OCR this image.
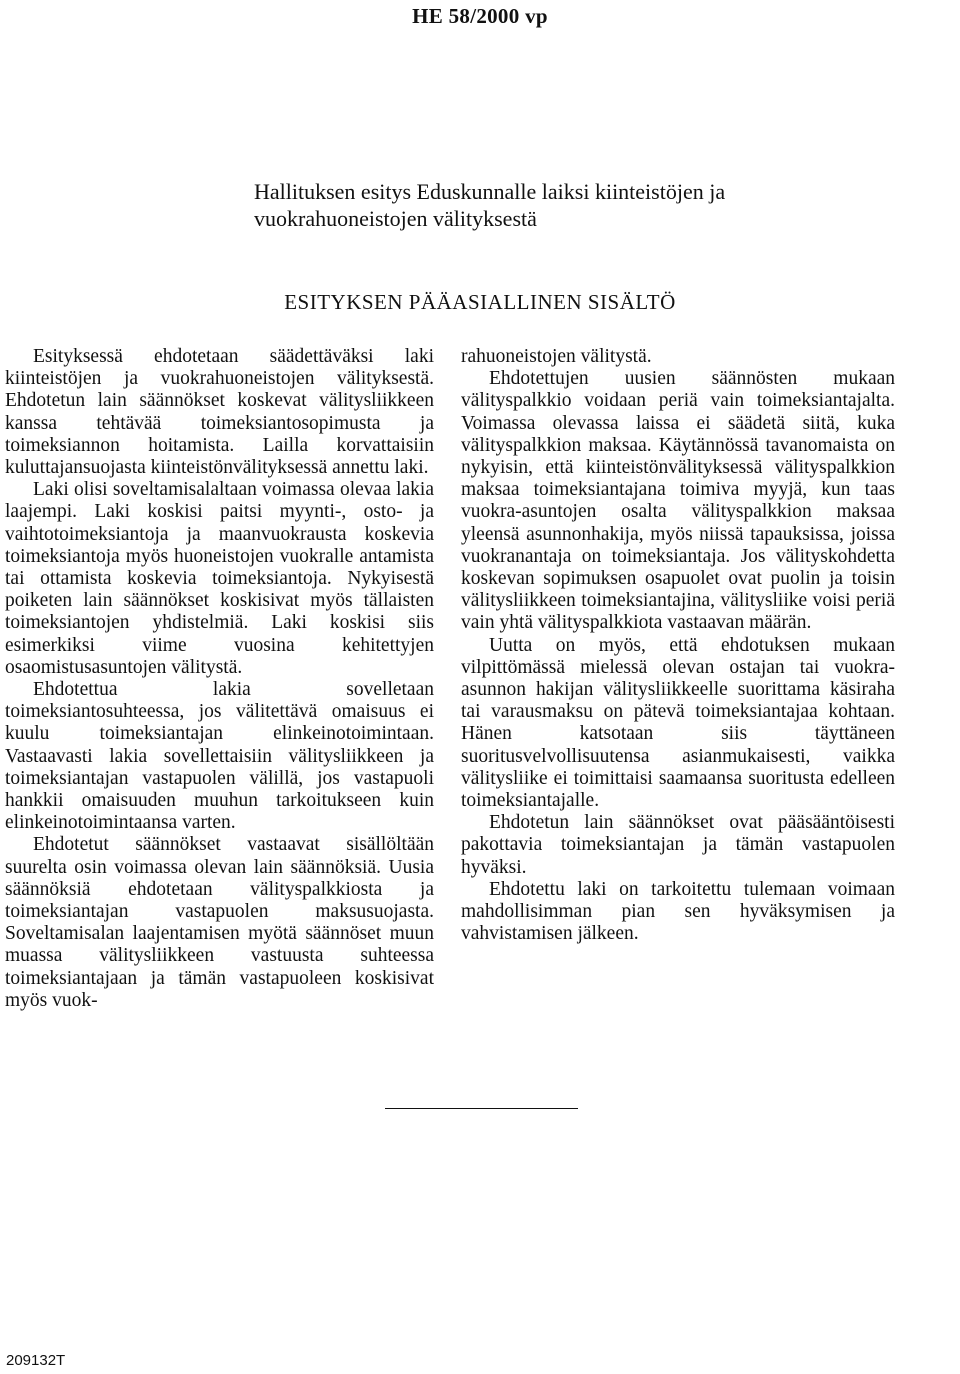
HE 58/2000 vp
Hallituksen esitys Eduskunnalle laiksi kiinteistöjen ja vuokrahuoneistojen välityksestä
ESITYKSEN PÄÄASIALLINEN SISÄLTÖ

Esityksessä ehdotetaan säädettäväksi laki kiinteistöjen ja vuokrahuoneistojen välityksestä. Ehdotetun lain säännökset koskevat välitysliikkeen kanssa tehtävää toimeksiantosopimusta ja toimeksiannon hoitamista. Lailla korvattaisiin kuluttajansuojasta kiinteistönvälityksessä annettu laki.

Laki olisi soveltamisalaltaan voimassa olevaa lakia laajempi. Laki koskisi paitsi myynti-, osto- ja vaihtotoimeksiantoja ja maanvuokrausta koskevia toimeksiantoja myös huoneistojen vuokralle antamista tai ottamista koskevia toimeksiantoja. Nykyisestä poiketen lain säännökset koskisivat myös tällaisten toimeksiantojen yhdistelmiä. Laki koskisi siis esimerkiksi viime vuosina kehitettyjen osaomistusasuntojen välitystä.

Ehdotettua lakia sovelletaan toimeksiantosuhteessa, jos välitettävä omaisuus ei kuulu toimeksiantajan elinkeinotoimintaan. Vastaavasti lakia sovellettaisiin välitysliikkeen ja toimeksiantajan vastapuolen välillä, jos vastapuoli hankkii omaisuuden muuhun tarkoitukseen kuin elinkeinotoimintaansa varten.

Ehdotetut säännökset vastaavat sisällöltään suurelta osin voimassa olevan lain säännöksiä. Uusia säännöksiä ehdotetaan välityspalkkiosta ja toimeksiantajan vastapuolen maksusuojasta. Soveltamisalan laajentamisen myötä säännöset muun muassa välitysliikkeen vastuusta suhteessa toimeksiantajaan ja tämän vastapuoleen koskisivat myös vuok-

rahuoneistojen välitystä.

Ehdotettujen uusien säännösten mukaan välityspalkkio voidaan periä vain toimeksiantajalta. Voimassa olevassa laissa ei säädetä siitä, kuka välityspalkkion maksaa. Käytännössä tavanomaista on nykyisin, että kiinteistönvälityksessä välityspalkkion maksaa toimeksiantajana toimiva myyjä, kun taas vuokra-asuntojen osalta välityspalkkion maksaa yleensä asunnonhakija, myös niissä tapauksissa, joissa vuokranantaja on toimeksiantaja. Jos välityskohdetta koskevan sopimuksen osapuolet ovat puolin ja toisin välitysliikkeen toimeksiantajina, välitysliike voisi periä vain yhtä välityspalkkiota vastaavan määrän.

Uutta on myös, että ehdotuksen mukaan vilpittömässä mielessä olevan ostajan tai vuokra-asunnon hakijan välitysliikkeelle suorittama käsiraha tai varausmaksu on pätevä toimeksiantajaa kohtaan. Hänen katsotaan siis täyttäneen suoritusvelvollisuutensa asianmukaisesti, vaikka välitysliike ei toimittaisi saamaansa suoritusta edelleen toimeksiantajalle.

Ehdotetun lain säännökset ovat pääsääntöisesti pakottavia toimeksiantajan ja tämän vastapuolen hyväksi.

Ehdotettu laki on tarkoitettu tulemaan voimaan mahdollisimman pian sen hyväksymisen ja vahvistamisen jälkeen.

209132T
